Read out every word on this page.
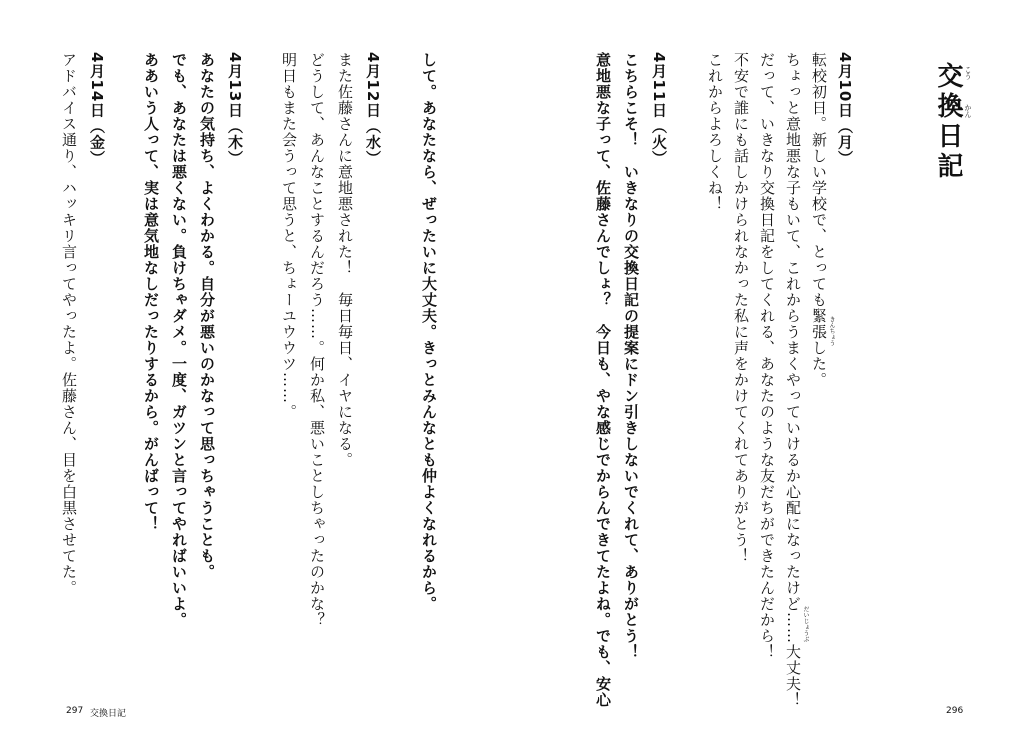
交換日記 こう
かん
きんちょう
だいじょうぶ
4月10日（月）
転校初日。新しい学校で、とっても緊張した。
ちょっと意地悪な子もいて、これからうまくやっていけるか心配になったけど……大丈夫！
だって、いきなり交換日記をしてくれる、あなたのような友だちができたんだから！
不安で誰にも話しかけられなかった私に声をかけてくれてありがとう！
これからよろしくね！
4月11日（火）
こちらこそ！　いきなりの交換日記の提案にドン引きしないでくれて、ありがとう！
意地悪な子って、佐藤さんでしょ？　今日も、やな感じでからんできてたよね。でも、安心
して。あなたなら、ぜったいに大丈夫。きっとみんなとも仲よくなれるから。
4月12日（水）
また佐藤さんに意地悪された！　毎日毎日、イヤになる。
どうして、あんなことするんだろう……。何か私、悪いことしちゃったのかな？
明日もまた会うって思うと、ちょーユウウツ……。
4月13日（木）
あなたの気持ち、よくわかる。自分が悪いのかなって思っちゃうことも。
でも、あなたは悪くない。負けちゃダメ。一度、ガツンと言ってやればいいよ。
ああいう人って、実は意気地なしだったりするから。がんばって！
4月14日（金）
アドバイス通り、ハッキリ言ってやったよ。佐藤さん、目を白黒させてた。
297 交換日記	296
